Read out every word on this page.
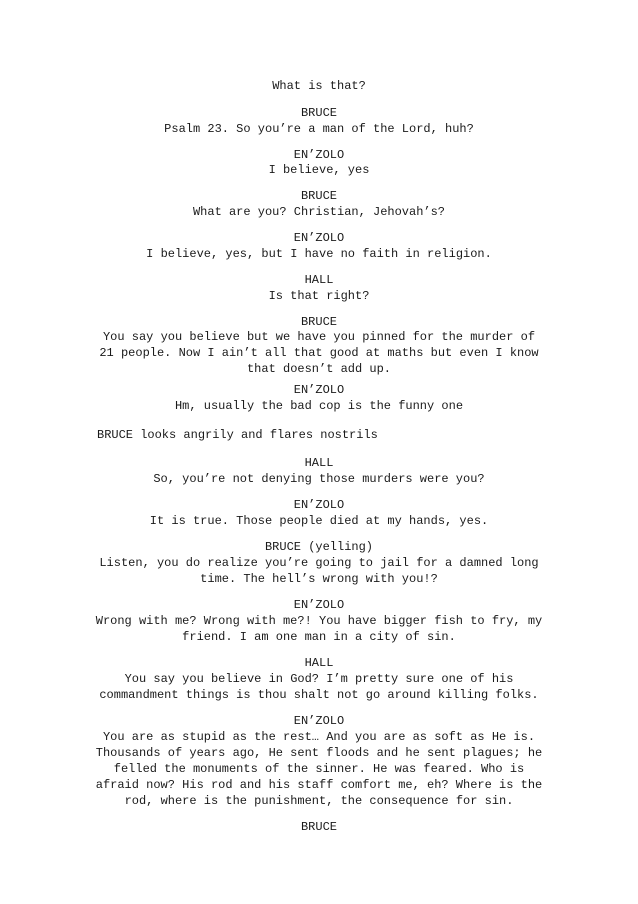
What is that?
BRUCE
Psalm 23. So you’re a man of the Lord, huh?
EN’ZOLO
I believe, yes
BRUCE
What are you? Christian, Jehovah’s?
EN’ZOLO
I believe, yes, but I have no faith in religion.
HALL
Is that right?
BRUCE
You say you believe but we have you pinned for the murder of
21 people. Now I ain’t all that good at maths but even I know
that doesn’t add up.
EN’ZOLO
Hm, usually the bad cop is the funny one
BRUCE looks angrily and flares nostrils
HALL
So, you’re not denying those murders were you?
EN’ZOLO
It is true. Those people died at my hands, yes.
BRUCE (yelling)
Listen, you do realize you’re going to jail for a damned long
time. The hell’s wrong with you!?
EN’ZOLO
Wrong with me? Wrong with me?! You have bigger fish to fry, my
friend. I am one man in a city of sin.
HALL
You say you believe in God? I’m pretty sure one of his
commandment things is thou shalt not go around killing folks.
EN’ZOLO
You are as stupid as the rest… And you are as soft as He is.
Thousands of years ago, He sent floods and he sent plagues; he
felled the monuments of the sinner. He was feared. Who is
afraid now? His rod and his staff comfort me, eh? Where is the
rod, where is the punishment, the consequence for sin.
BRUCE
